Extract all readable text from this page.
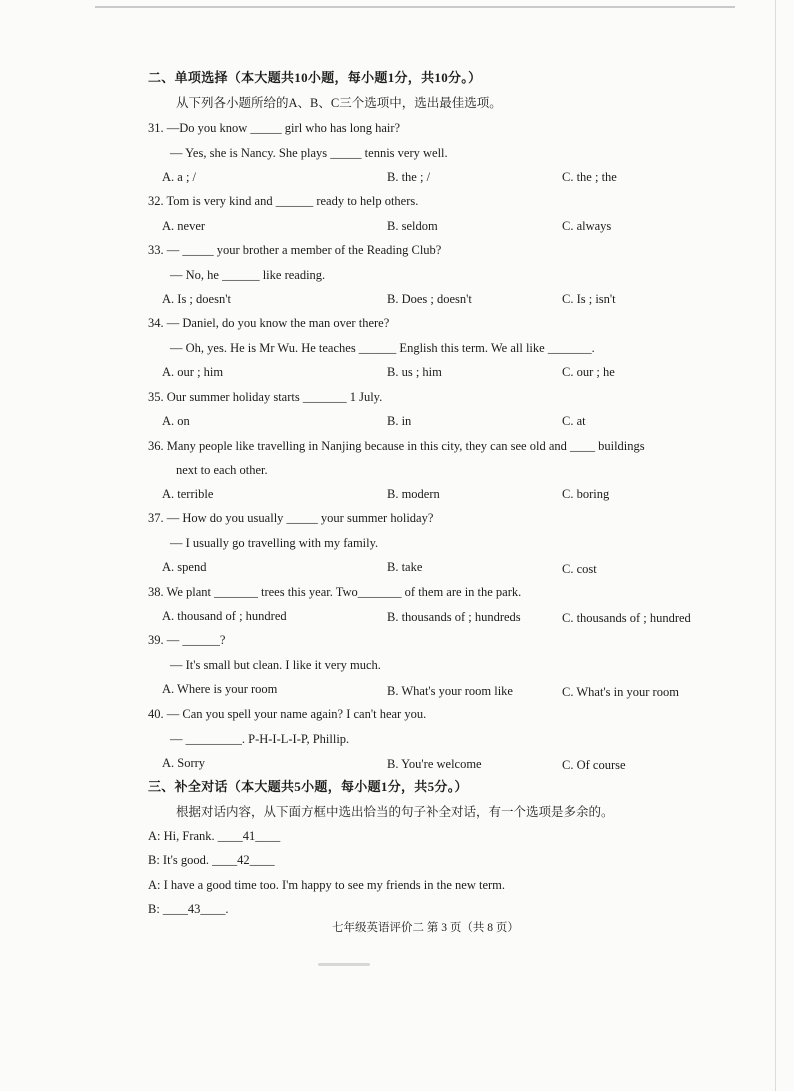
二、单项选择（本大题共10小题，每小题1分，共10分。）
从下列各小题所给的A、B、C三个选项中，选出最佳选项。
31. —Do you know _____ girl who has long hair?
— Yes, she is Nancy. She plays _____ tennis very well.
A. a ; /	B. the ; /	C. the ; the
32. Tom is very kind and ______ ready to help others.
A. never	B. seldom	C. always
33. — _____ your brother a member of the Reading Club?
— No, he ______ like reading.
A. Is ; doesn't	B. Does ; doesn't	C. Is ; isn't
34. — Daniel, do you know the man over there?
— Oh, yes. He is Mr Wu. He teaches ______ English this term. We all like _______.
A. our ; him	B. us ; him	C. our ; he
35. Our summer holiday starts _______ 1 July.
A. on	B. in	C. at
36. Many people like travelling in Nanjing because in this city, they can see old and ____ buildings
next to each other.
A. terrible	B. modern	C. boring
37. — How do you usually _____ your summer holiday?
— I usually go travelling with my family.
A. spend	B. take	C. cost
38. We plant _______ trees this year. Two_______ of them are in the park.
A. thousand of ; hundred	B. thousands of ; hundreds	C. thousands of ; hundred
39. — ______?
— It's small but clean. I like it very much.
A. Where is your room	B. What's your room like	C. What's in your room
40. — Can you spell your name again? I can't hear you.
— _________. P-H-I-L-I-P, Phillip.
A. Sorry	B. You're welcome	C. Of course
三、补全对话（本大题共5小题，每小题1分，共5分。）
根据对话内容，从下面方框中选出恰当的句子补全对话，有一个选项是多余的。
A: Hi, Frank. ____41____
B: It's good. ____42____
A: I have a good time too. I'm happy to see my friends in the new term.
B: ____43____.
七年级英语评价二 第 3 页（共 8 页）
